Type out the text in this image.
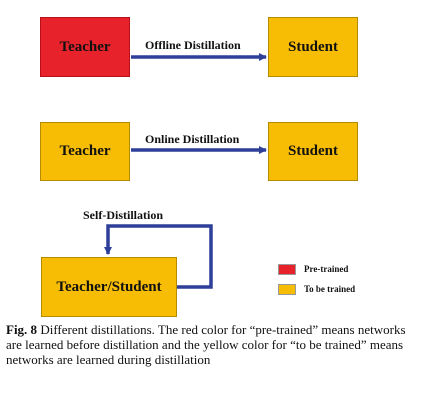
Teacher	Offline Distillation	Student
Teacher
Online Distillation
Student
Self-Distillation
Teacher/Student
Pre-trained
To be trained
Fig. 8 Different distillations. The red color for “pre-trained” means networks are learned before distillation and the yellow color for “to be trained” means networks are learned during distillation
